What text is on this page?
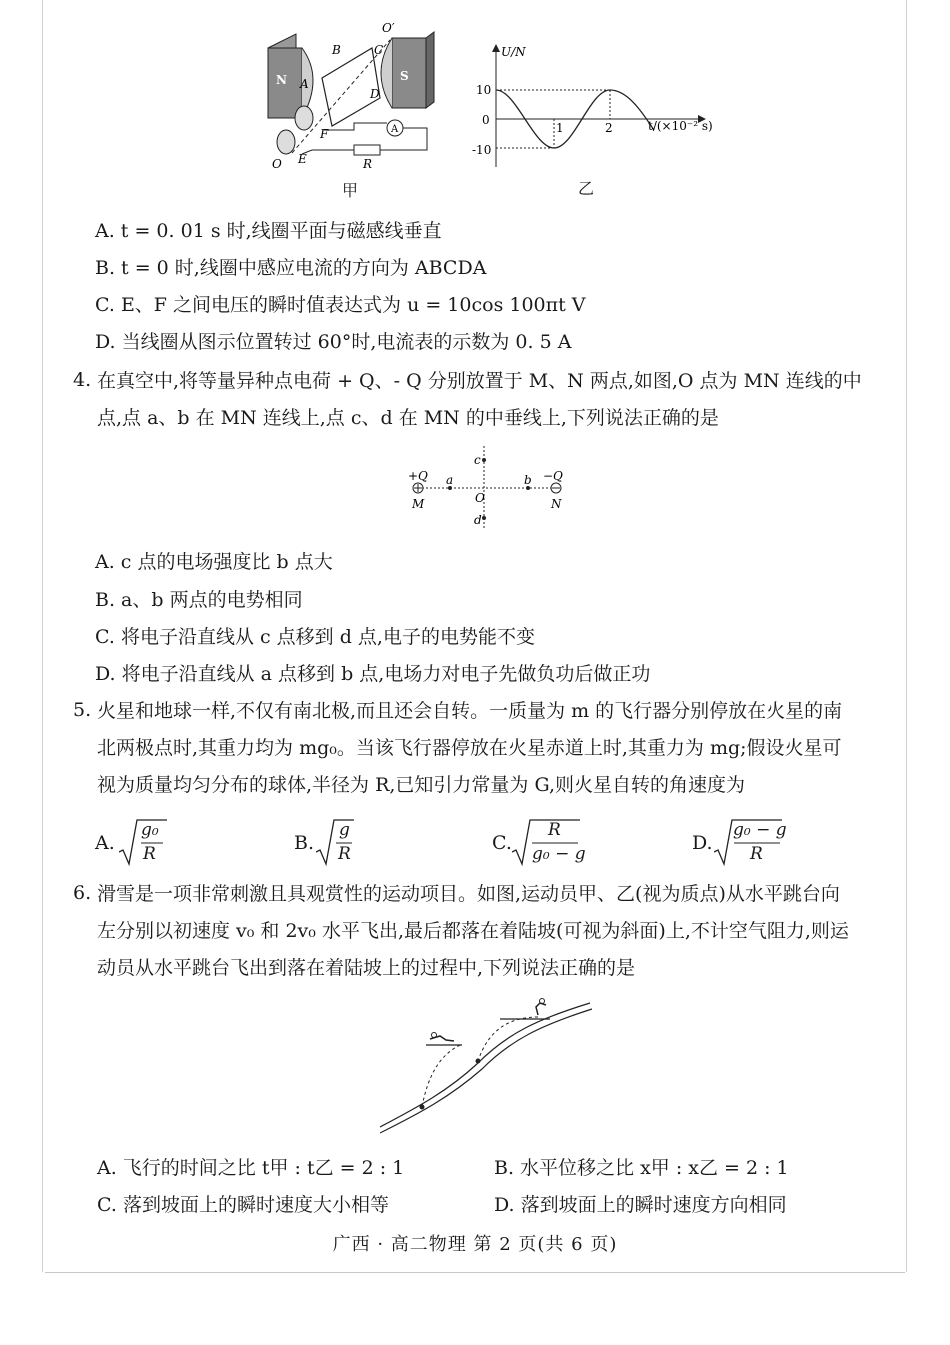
N	S
O′
B	C
A
D
F
E
O	R
A
甲
U/N
t/(×10⁻² s)
10
0
-10
1	2
乙
A. t = 0. 01 s 时,线圈平面与磁感线垂直
B. t = 0 时,线圈中感应电流的方向为 ABCDA
C. E、F 之间电压的瞬时值表达式为 u = 10cos 100πt V
D. 当线圈从图示位置转过 60°时,电流表的示数为 0. 5 A
4. 在真空中,将等量异种点电荷 + Q、- Q 分别放置于 M、N 两点,如图,O 点为 MN 连线的中
点,点 a、b 在 MN 连线上,点 c、d 在 MN 的中垂线上,下列说法正确的是
+Q	−Q
M	N
a	b
c
d
O
A. c 点的电场强度比 b 点大
B. a、b 两点的电势相同
C. 将电子沿直线从 c 点移到 d 点,电子的电势能不变
D. 将电子沿直线从 a 点移到 b 点,电场力对电子先做负功后做正功
5. 火星和地球一样,不仅有南北极,而且还会自转。一质量为 m 的飞行器分别停放在火星的南
北两极点时,其重力均为 mg₀。当该飞行器停放在火星赤道上时,其重力为 mg;假设火星可
视为质量均匀分布的球体,半径为 R,已知引力常量为 G,则火星自转的角速度为
A.
g₀
R	B.
g
R	C.
R
g₀ − g	D.
g₀ − g
R
6. 滑雪是一项非常刺激且具观赏性的运动项目。如图,运动员甲、乙(视为质点)从水平跳台向
左分别以初速度 v₀ 和 2v₀ 水平飞出,最后都落在着陆坡(可视为斜面)上,不计空气阻力,则运
动员从水平跳台飞出到落在着陆坡上的过程中,下列说法正确的是
A. 飞行的时间之比 t甲 : t乙 = 2 : 1	B. 水平位移之比 x甲 : x乙 = 2 : 1
C. 落到坡面上的瞬时速度大小相等	D. 落到坡面上的瞬时速度方向相同
广西 · 高二物理 第 2 页(共 6 页)
